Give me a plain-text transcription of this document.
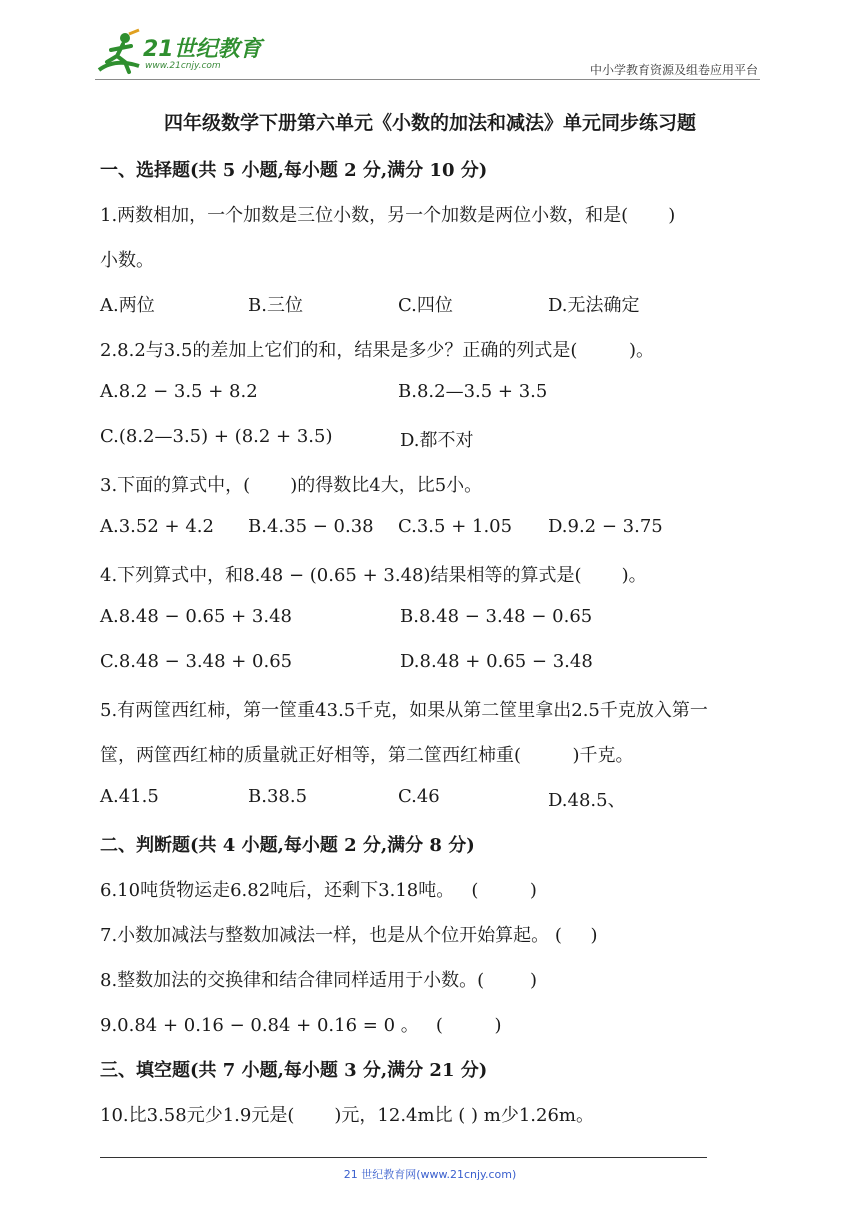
21世纪教育
www.21cnjy.com	中小学教育资源及组卷应用平台
四年级数学下册第六单元《小数的加法和减法》单元同步练习题
一、选择题(共 5 小题,每小题 2 分,满分 10 分)
1.两数相加，一个加数是三位小数，另一个加数是两位小数，和是(       )
小数。
A.两位	B.三位	C.四位	D.无法确定
2.8.2与3.5的差加上它们的和，结果是多少？正确的列式是(         )。
A.8.2 − 3.5 + 8.2	B.8.2—3.5 + 3.5
C.(8.2—3.5) + (8.2 + 3.5)	D.都不对
3.下面的算式中，(       )的得数比4大，比5小。
A.3.52 + 4.2 B.4.35 − 0.38 C.3.5 + 1.05 D.9.2 − 3.75
4.下列算式中，和8.48 − (0.65 + 3.48)结果相等的算式是(       )。
A.8.48 − 0.65 + 3.48	B.8.48 − 3.48 − 0.65
C.8.48 − 3.48 + 0.65	D.8.48 + 0.65 − 3.48
5.有两筐西红柿，第一筐重43.5千克，如果从第二筐里拿出2.5千克放入第一
筐，两筐西红柿的质量就正好相等，第二筐西红柿重(         )千克。
A.41.5	B.38.5	C.46	D.48.5、
二、判断题(共 4 小题,每小题 2 分,满分 8 分)
6.10吨货物运走6.82吨后，还剩下3.18吨。   (         )
7.小数加减法与整数加减法一样，也是从个位开始算起。 (     )
8.整数加法的交换律和结合律同样适用于小数。(        )
9.0.84 + 0.16 − 0.84 + 0.16 = 0 。   (         )
三、填空题(共 7 小题,每小题 3 分,满分 21 分)
10.比3.58元少1.9元是(       )元，12.4m比 ( ) m少1.26m。
21 世纪教育网(www.21cnjy.com)
